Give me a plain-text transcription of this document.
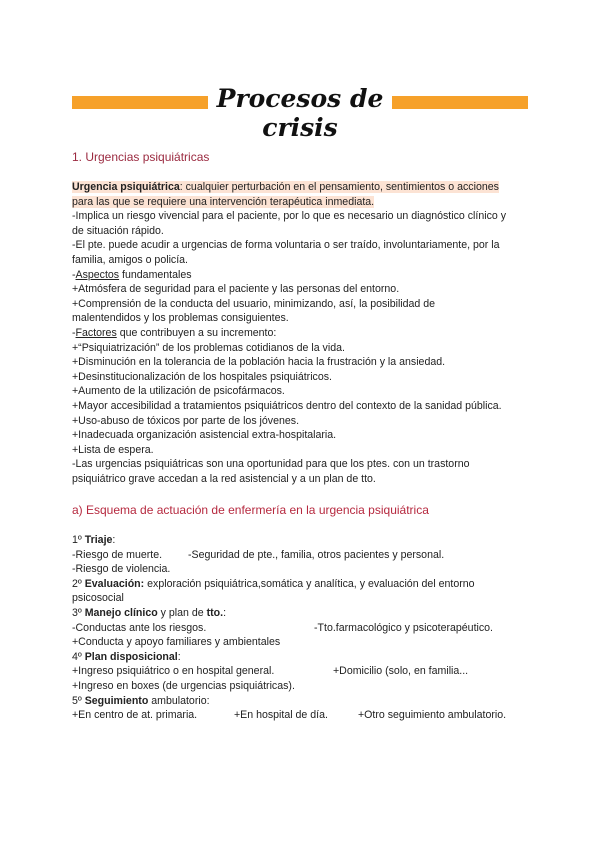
Procesos de crisis
1. Urgencias psiquiátricas
Urgencia psiquiátrica: cualquier perturbación en el pensamiento, sentimientos o acciones
para las que se requiere una intervención terapéutica inmediata.
-Implica un riesgo vivencial para el paciente, por lo que es necesario un diagnóstico clínico y
de situación rápido.
-El pte. puede acudir a urgencias de forma voluntaria o ser traído, involuntariamente, por la
familia, amigos o policía.
-Aspectos fundamentales
+Atmósfera de seguridad para el paciente y las personas del entorno.
+Comprensión de la conducta del usuario, minimizando, así, la posibilidad de
malentendidos y los problemas consiguientes.
-Factores que contribuyen a su incremento:
+“Psiquiatrización” de los problemas cotidianos de la vida.
+Disminución en la tolerancia de la población hacia la frustración y la ansiedad.
+Desinstitucionalización de los hospitales psiquiátricos.
+Aumento de la utilización de psicofármacos.
+Mayor accesibilidad a tratamientos psiquiátricos dentro del contexto de la sanidad pública.
+Uso-abuso de tóxicos por parte de los jóvenes.
+Inadecuada organización asistencial extra-hospitalaria.
+Lista de espera.
-Las urgencias psiquiátricas son una oportunidad para que los ptes. con un trastorno
psiquiátrico grave accedan a la red asistencial y a un plan de tto.
a) Esquema de actuación de enfermería en la urgencia psiquiátrica
1º Triaje:
-Riesgo de muerte. -Seguridad de pte., familia, otros pacientes y personal.
-Riesgo de violencia.
2º Evaluación: exploración psiquiátrica,somática y analítica, y evaluación del entorno
psicosocial
3º Manejo clínico y plan de tto.:
-Conductas ante los riesgos.	-Tto.farmacológico y psicoterapéutico.
+Conducta y apoyo familiares y ambientales
4º Plan disposicional:
+Ingreso psiquiátrico o en hospital general.	+Domicilio (solo, en familia...
+Ingreso en boxes (de urgencias psiquiátricas).
5º Seguimiento ambulatorio:
+En centro de at. primaria.	+En hospital de día.	+Otro seguimiento ambulatorio.
